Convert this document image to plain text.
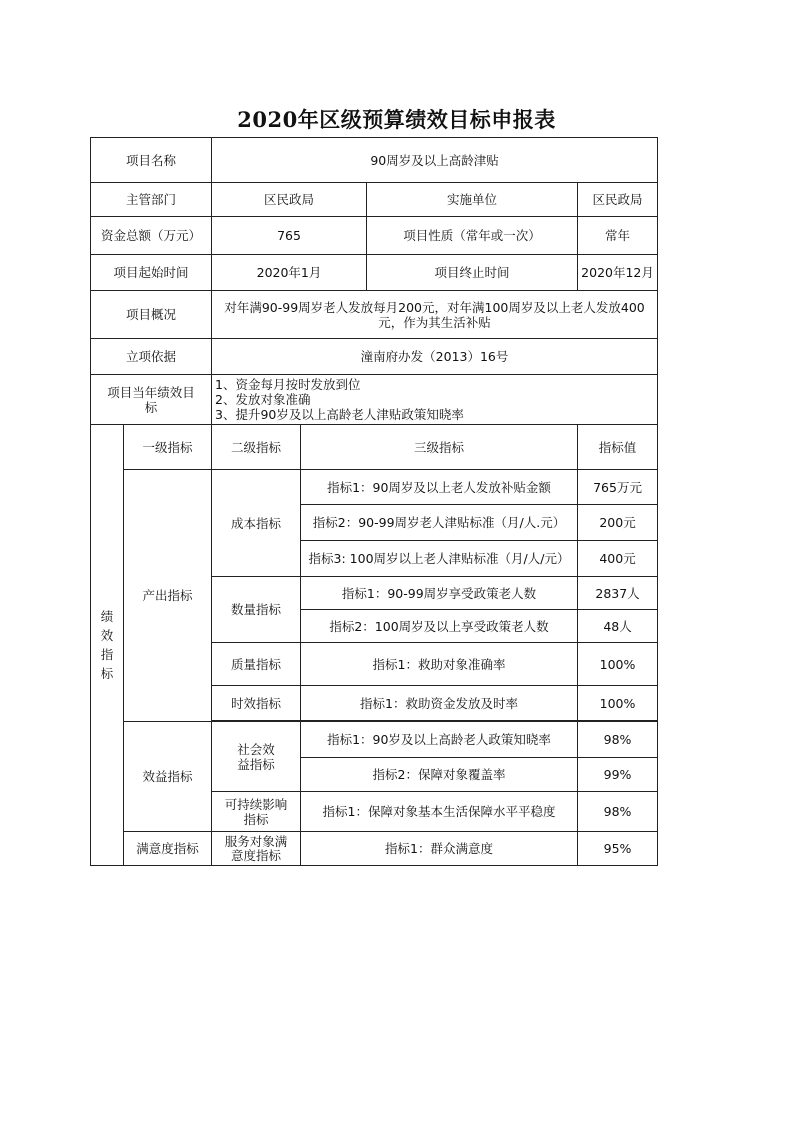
2020年区级预算绩效目标申报表
项目名称		90周岁及以上高龄津贴		
主管部门		区民政局 实施单位		区民政局
资金总额（万元）		765 项目性质（常年或一次）		常年
项目起始时间		2020年1月 项目终止时间		2020年12月
项目概况		对年满90-99周岁老人发放每月200元，对年满100周岁及以上老人发放400元，作为其生活补贴		
立项依据		潼南府办发（2013）16号		
项目当年绩效目标		1、资金每月按时发放到位
2、发放对象准确
3、提升90岁及以上高龄老人津贴政策知晓率		

绩效指标	一级指标	二级指标	三级指标	指标值
	产出指标	成本指标	指标1：90周岁及以上老人发放补贴金额	765万元
			指标2：90-99周岁老人津贴标准（月/人.元）	200元
			指标3: 100周岁以上老人津贴标准（月/人/元）	400元
		数量指标	指标1：90-99周岁享受政策老人数	2837人
			指标2：100周岁及以上享受政策老人数	48人
		质量指标	指标1：救助对象准确率	100%
		时效指标	指标1：救助资金发放及时率	100%

	效益指标	社会效益指标	指标1：90岁及以上高龄老人政策知晓率	98%
			指标2：保障对象覆盖率	99%
		可持续影响指标	指标1：保障对象基本生活保障水平平稳度	98%
	满意度指标	服务对象满意度指标	指标1：群众满意度	95%
